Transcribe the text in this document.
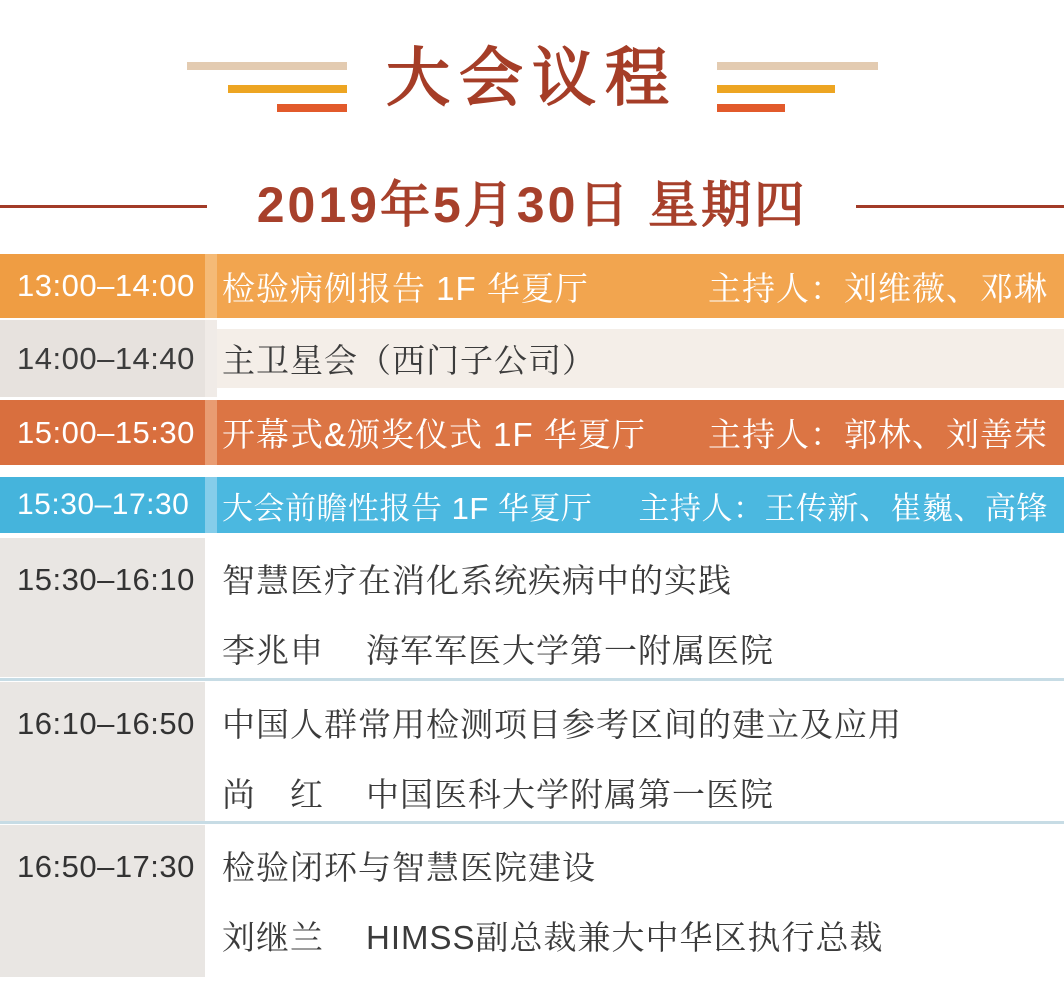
大会议程
2019年5月30日 星期四
13:00–14:00 检验病例报告 1F 华夏厅	主持人：刘维薇、邓琳
14:00–14:40 主卫星会（西门子公司）
15:00–15:30 开幕式&颁奖仪式 1F 华夏厅 主持人：郭林、刘善荣
15:30–17:30	大会前瞻性报告 1F 华夏厅 主持人：王传新、崔巍、高锋
15:30–16:10 智慧医疗在消化系统疾病中的实践
李兆申 海军军医大学第一附属医院
16:10–16:50 中国人群常用检测项目参考区间的建立及应用
尚　红 中国医科大学附属第一医院
16:50–17:30 检验闭环与智慧医院建设
刘继兰 HIMSS副总裁兼大中华区执行总裁
